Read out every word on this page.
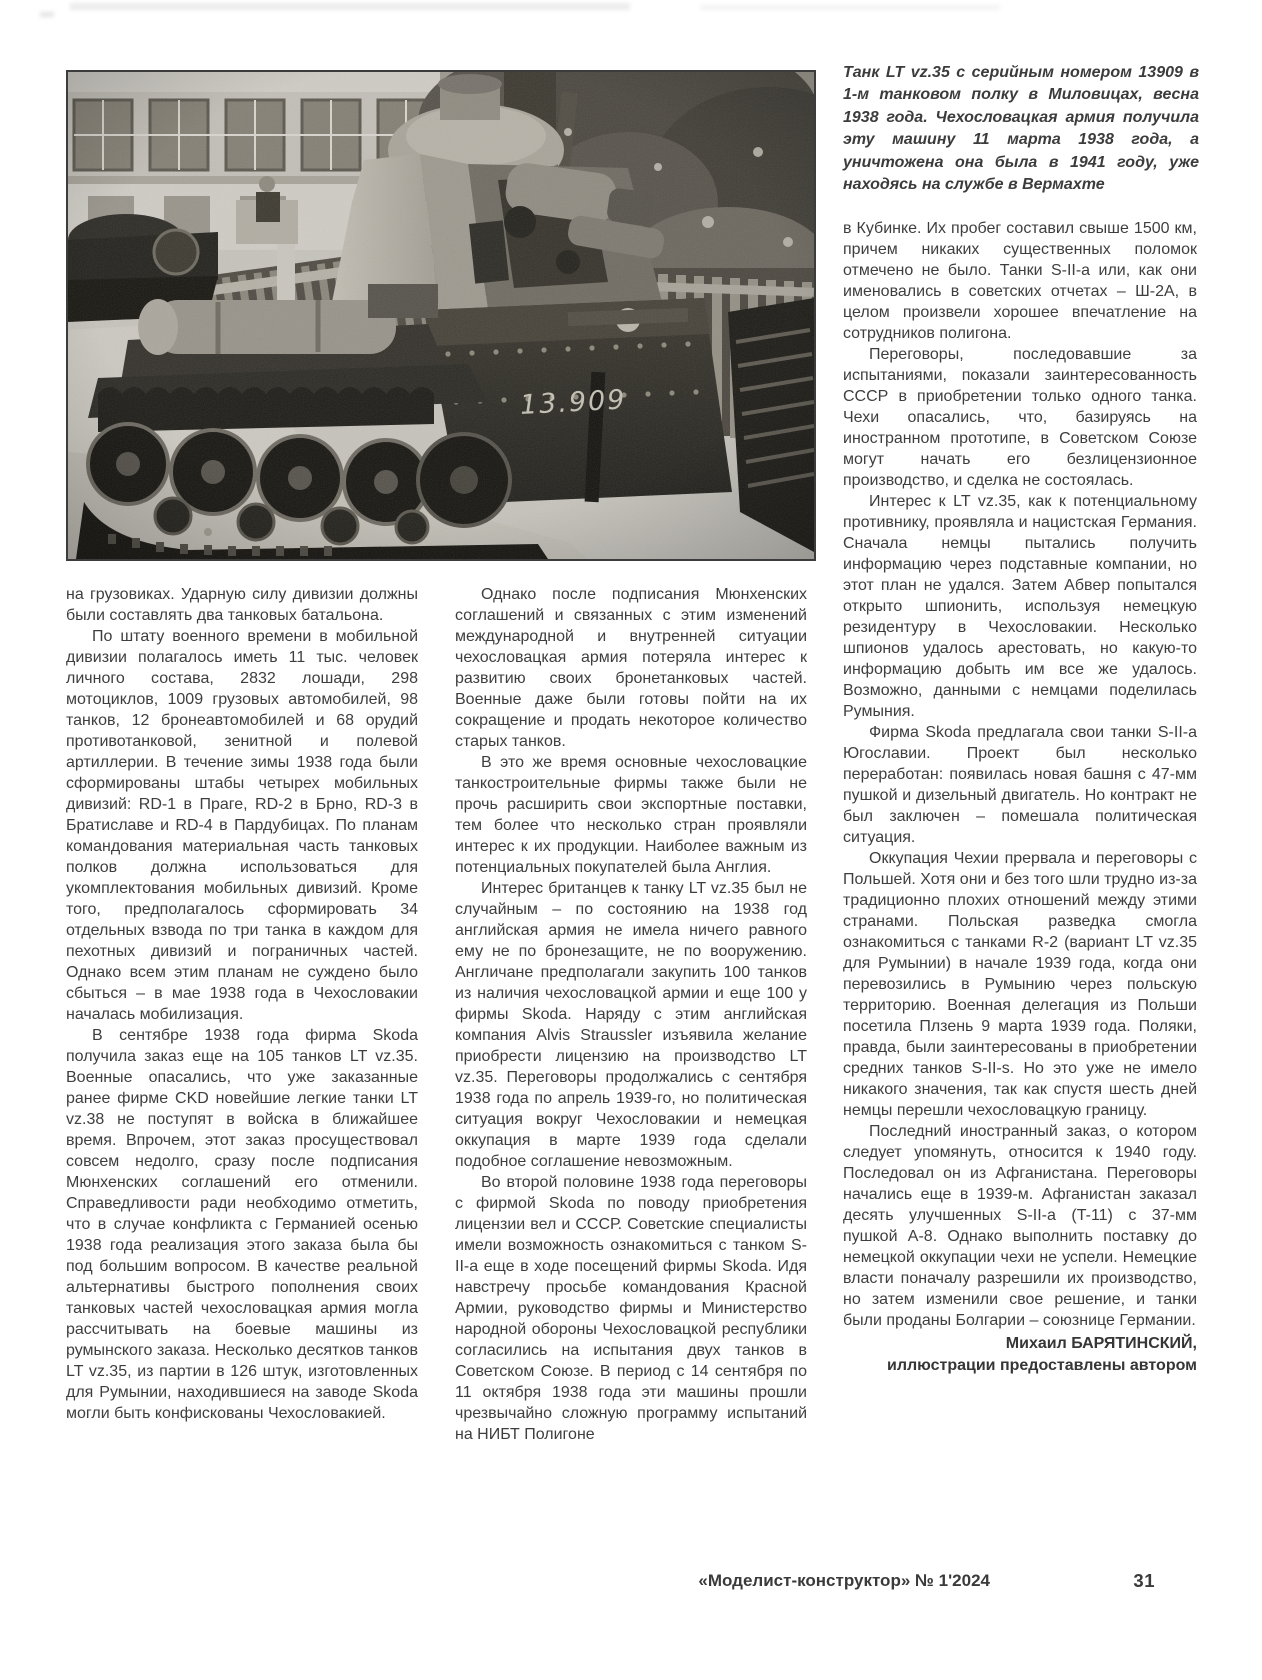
Танк LT vz.35 с серийным номером 13909 в 1-м танковом полку в Миловицах, весна 1938 года. Чехословацкая армия получила эту машину 11 марта 1938 года, а уничтожена она была в 1941 году, уже находясь на службе в Вермахте

на грузовиках. Ударную силу дивизии должны были составлять два танковых батальона.

По штату военного времени в мобильной дивизии полагалось иметь 11 тыс. человек личного состава, 2832 лошади, 298 мотоциклов, 1009 грузовых автомобилей, 98 танков, 12 бронеавтомобилей и 68 орудий противотанковой, зенитной и полевой артиллерии. В течение зимы 1938 года были сформированы штабы четырех мобильных дивизий: RD-1 в Праге, RD-2 в Брно, RD-3 в Братиславе и RD-4 в Пардубицах. По планам командования материальная часть танковых полков должна использоваться для укомплектования мобильных дивизий. Кроме того, предполагалось сформировать 34 отдельных взвода по три танка в каждом для пехотных дивизий и пограничных частей. Однако всем этим планам не суждено было сбыться – в мае 1938 года в Чехословакии началась мобилизация.

В сентябре 1938 года фирма Skoda получила заказ еще на 105 танков LT vz.35. Военные опасались, что уже заказанные ранее фирме CKD новейшие легкие танки LT vz.38 не поступят в войска в ближайшее время. Впрочем, этот заказ просуществовал совсем недолго, сразу после подписания Мюнхенских соглашений его отменили. Справедливости ради необходимо отметить, что в случае конфликта с Германией осенью 1938 года реализация этого заказа была бы под большим вопросом. В качестве реальной альтернативы быстрого пополнения своих танковых частей чехословацкая армия могла рассчитывать на боевые машины из румынского заказа. Несколько десятков танков LT vz.35, из партии в 126 штук, изготовленных для Румынии, находившиеся на заводе Skoda могли быть конфискованы Чехословакией.

Однако после подписания Мюнхенских соглашений и связанных с этим изменений международной и внутренней ситуации чехословацкая армия потеряла интерес к развитию своих бронетанковых частей. Военные даже были готовы пойти на их сокращение и продать некоторое количество старых танков.

В это же время основные чехословацкие танкостроительные фирмы также были не прочь расширить свои экспортные поставки, тем более что несколько стран проявляли интерес к их продукции. Наиболее важным из потенциальных покупателей была Англия.

Интерес британцев к танку LT vz.35 был не случайным – по состоянию на 1938 год английская армия не имела ничего равного ему не по бронезащите, не по вооружению. Англичане предполагали закупить 100 танков из наличия чехословацкой армии и еще 100 у фирмы Skoda. Наряду с этим английская компания Alvis Straussler изъявила желание приобрести лицензию на производство LT vz.35. Переговоры продолжались с сентября 1938 года по апрель 1939-го, но политическая ситуация вокруг Чехословакии и немецкая оккупация в марте 1939 года сделали подобное соглашение невозможным.

Во второй половине 1938 года переговоры с фирмой Skoda по поводу приобретения лицензии вел и СССР. Советские специалисты имели возможность ознакомиться с танком S-II-a еще в ходе посещений фирмы Skoda. Идя навстречу просьбе командования Красной Армии, руководство фирмы и Министерство народной обороны Чехословацкой республики согласились на испытания двух танков в Советском Союзе. В период с 14 сентября по 11 октября 1938 года эти машины прошли чрезвычайно сложную программу испытаний на НИБТ Полигоне

в Кубинке. Их пробег составил свыше 1500 км, причем никаких существенных поломок отмечено не было. Танки S-II-a или, как они именовались в советских отчетах – Ш-2А, в целом произвели хорошее впечатление на сотрудников полигона.

Переговоры, последовавшие за испытаниями, показали заинтересованность СССР в приобретении только одного танка. Чехи опасались, что, базируясь на иностранном прототипе, в Советском Союзе могут начать его безлицензионное производство, и сделка не состоялась.

Интерес к LT vz.35, как к потенциальному противнику, проявляла и нацистская Германия. Сначала немцы пытались получить информацию через подставные компании, но этот план не удался. Затем Абвер попытался открыто шпионить, используя немецкую резидентуру в Чехословакии. Несколько шпионов удалось арестовать, но какую-то информацию добыть им все же удалось. Возможно, данными с немцами поделилась Румыния.

Фирма Skoda предлагала свои танки S-II-a Югославии. Проект был несколько переработан: появилась новая башня с 47-мм пушкой и дизельный двигатель. Но контракт не был заключен – помешала политическая ситуация.

Оккупация Чехии прервала и переговоры с Польшей. Хотя они и без того шли трудно из-за традиционно плохих отношений между этими странами. Польская разведка смогла ознакомиться с танками R-2 (вариант LT vz.35 для Румынии) в начале 1939 года, когда они перевозились в Румынию через польскую территорию. Военная делегация из Польши посетила Плзень 9 марта 1939 года. Поляки, правда, были заинтересованы в приобретении средних танков S-II-s. Но это уже не имело никакого значения, так как спустя шесть дней немцы перешли чехословацкую границу.

Последний иностранный заказ, о котором следует упомянуть, относится к 1940 году. Последовал он из Афганистана. Переговоры начались еще в 1939-м. Афганистан заказал десять улучшенных S-II-a (T-11) с 37-мм пушкой A-8. Однако выполнить поставку до немецкой оккупации чехи не успели. Немецкие власти поначалу разрешили их производство, но затем изменили свое решение, и танки были проданы Болгарии – союзнице Германии.

Михаил БАРЯТИНСКИЙ,
иллюстрации предоставлены автором
«Моделист-конструктор» № 1'2024	31
